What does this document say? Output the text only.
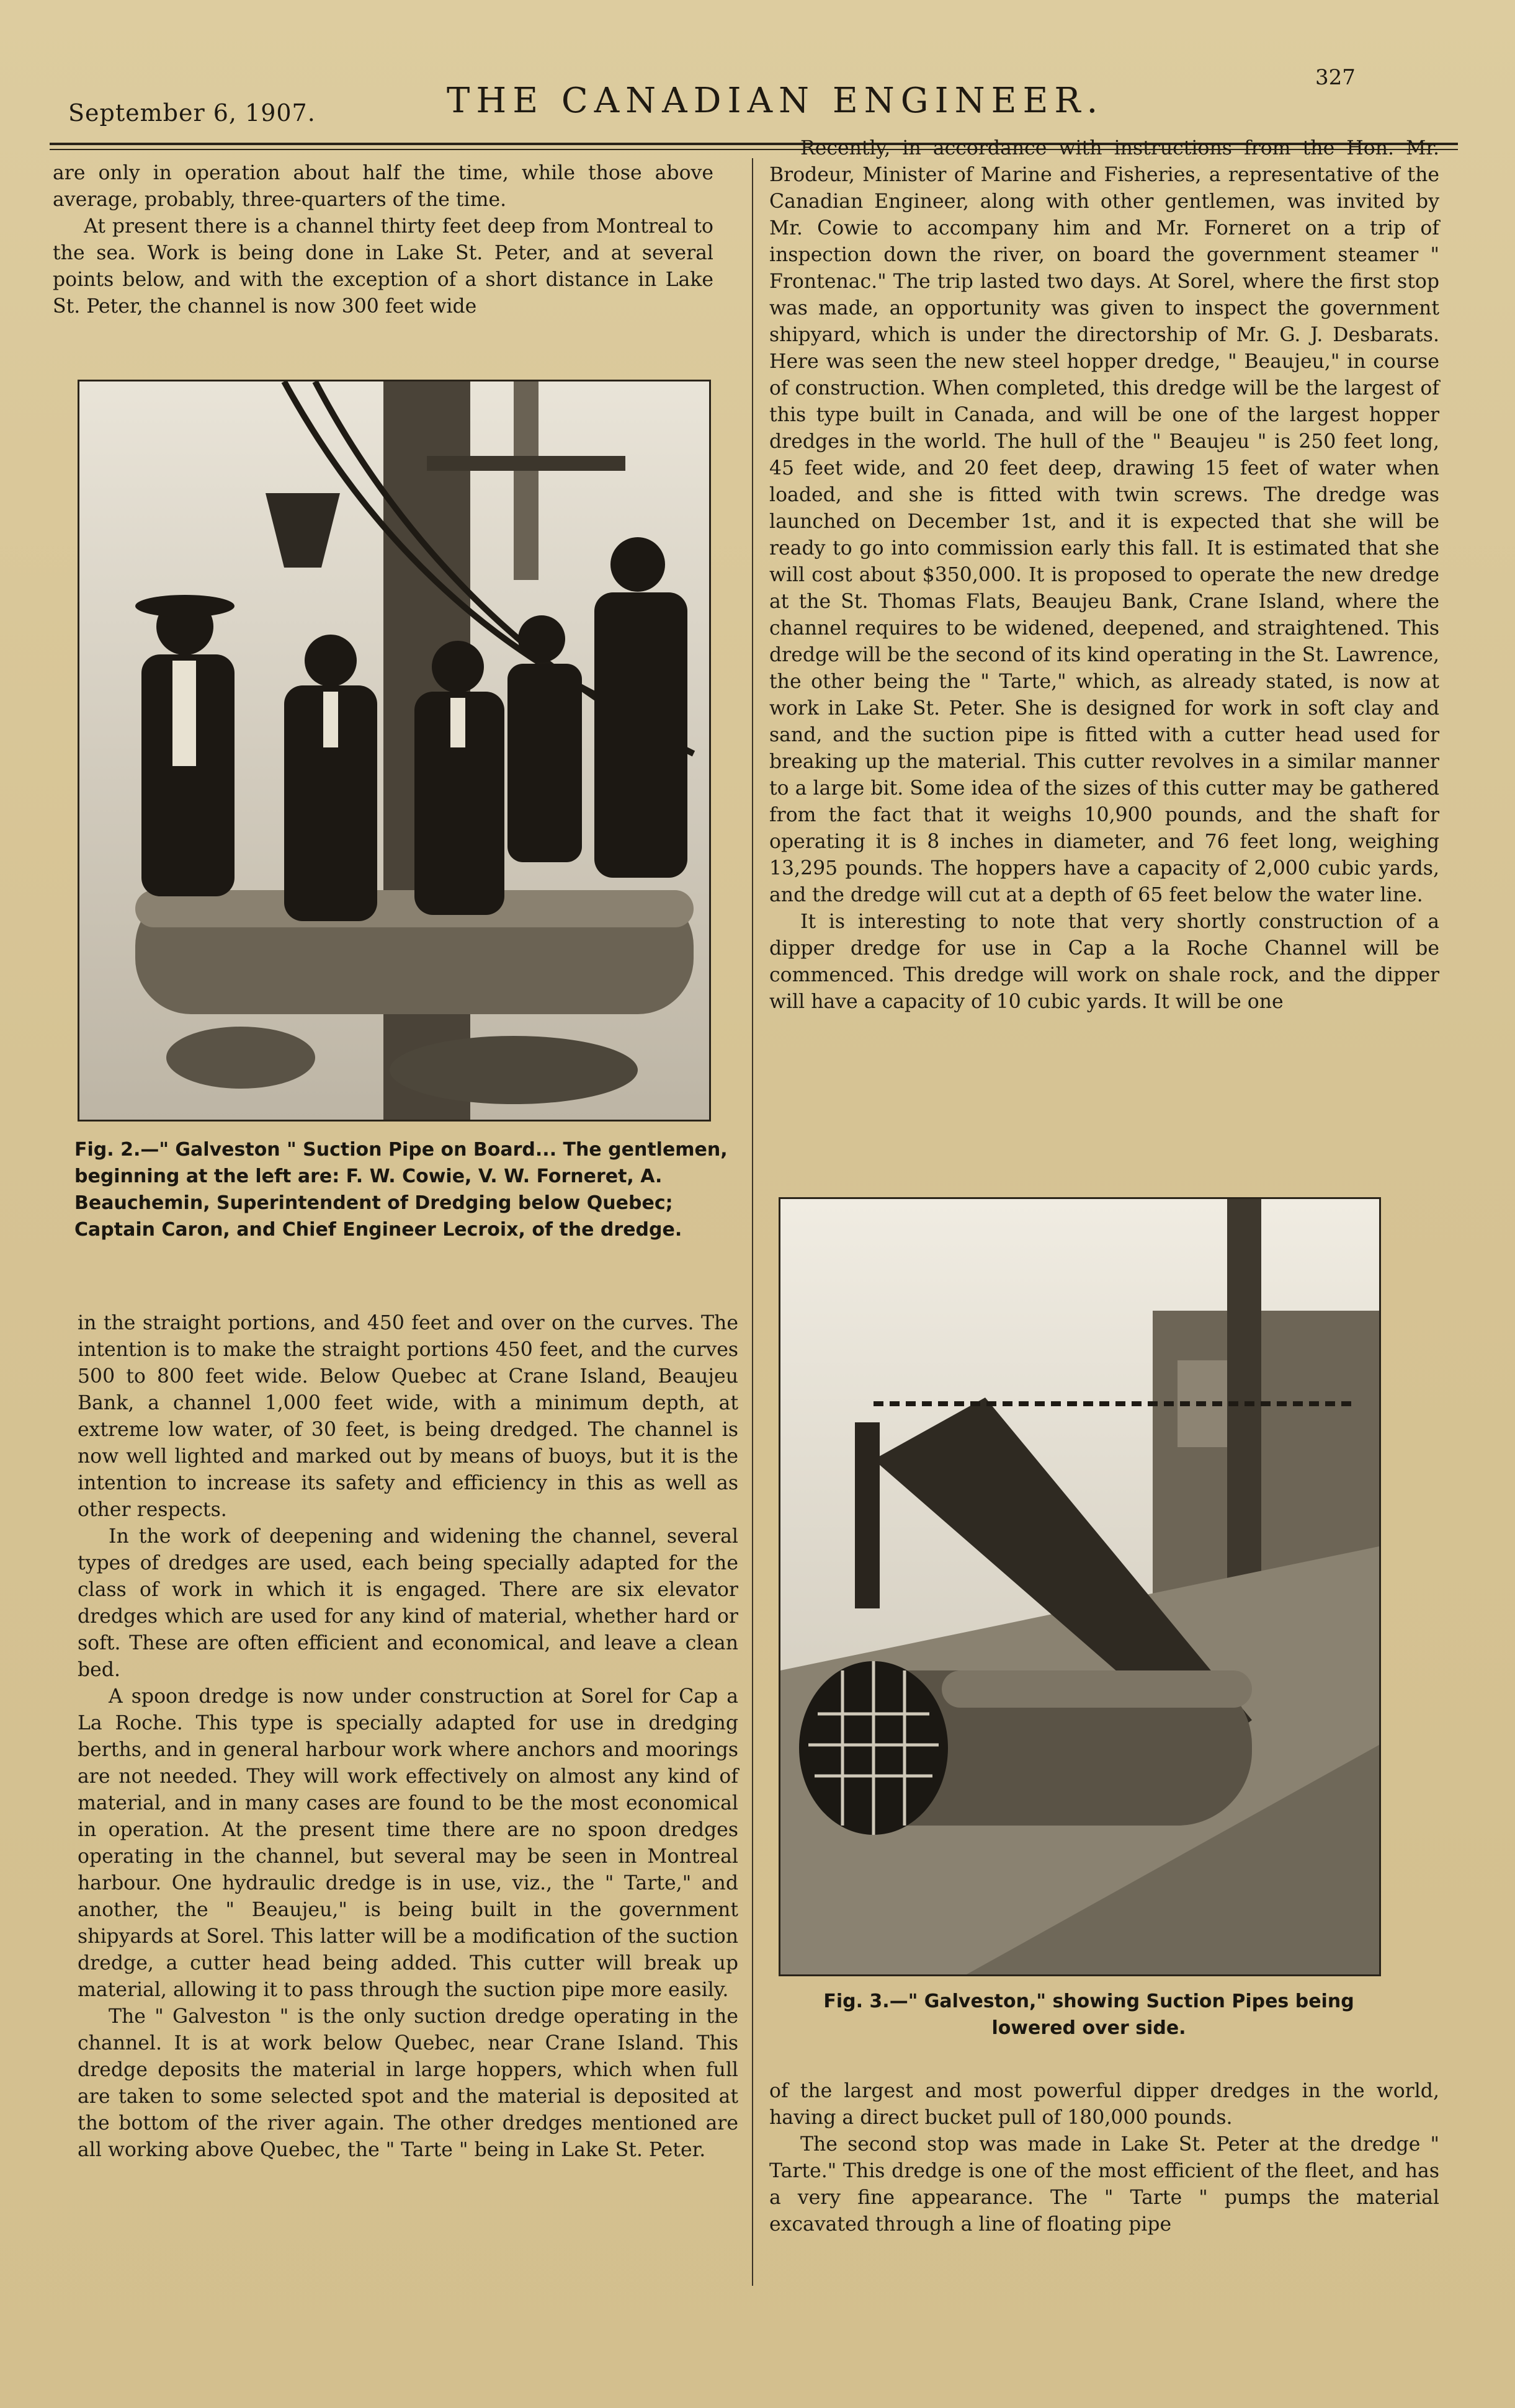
September 6, 1907.	THE CANADIAN ENGINEER.
327

are only in operation about half the time, while those above average, probably, three-quarters of the time.

At present there is a channel thirty feet deep from Montreal to the sea. Work is being done in Lake St. Peter, and at several points below, and with the exception of a short distance in Lake St. Peter, the channel is now 300 feet wide

Fig. 2.—" Galveston " Suction Pipe on Board... The gentlemen, beginning at the left are: F. W. Cowie, V. W. Forneret, A. Beauchemin, Superintendent of Dredging below Quebec; Captain Caron, and Chief Engineer Lecroix, of the dredge.

in the straight portions, and 450 feet and over on the curves. The intention is to make the straight portions 450 feet, and the curves 500 to 800 feet wide. Below Quebec at Crane Island, Beaujeu Bank, a channel 1,000 feet wide, with a minimum depth, at extreme low water, of 30 feet, is being dredged. The channel is now well lighted and marked out by means of buoys, but it is the intention to increase its safety and efficiency in this as well as other respects.

In the work of deepening and widening the channel, several types of dredges are used, each being specially adapted for the class of work in which it is engaged. There are six elevator dredges which are used for any kind of material, whether hard or soft. These are often efficient and economical, and leave a clean bed.

A spoon dredge is now under construction at Sorel for Cap a La Roche. This type is specially adapted for use in dredging berths, and in general harbour work where anchors and moorings are not needed. They will work effectively on almost any kind of material, and in many cases are found to be the most economical in operation. At the present time there are no spoon dredges operating in the channel, but several may be seen in Montreal harbour. One hydraulic dredge is in use, viz., the " Tarte," and another, the " Beaujeu," is being built in the government shipyards at Sorel. This latter will be a modification of the suction dredge, a cutter head being added. This cutter will break up material, allowing it to pass through the suction pipe more easily.

The " Galveston " is the only suction dredge operating in the channel. It is at work below Quebec, near Crane Island. This dredge deposits the material in large hoppers, which when full are taken to some selected spot and the material is deposited at the bottom of the river again. The other dredges mentioned are all working above Quebec, the " Tarte " being in Lake St. Peter.

Recently, in accordance with instructions from the Hon. Mr. Brodeur, Minister of Marine and Fisheries, a representative of the Canadian Engineer, along with other gentlemen, was invited by Mr. Cowie to accompany him and Mr. Forneret on a trip of inspection down the river, on board the government steamer " Frontenac." The trip lasted two days. At Sorel, where the first stop was made, an opportunity was given to inspect the government shipyard, which is under the directorship of Mr. G. J. Desbarats. Here was seen the new steel hopper dredge, " Beaujeu," in course of construction. When completed, this dredge will be the largest of this type built in Canada, and will be one of the largest hopper dredges in the world. The hull of the " Beaujeu " is 250 feet long, 45 feet wide, and 20 feet deep, drawing 15 feet of water when loaded, and she is fitted with twin screws. The dredge was launched on December 1st, and it is expected that she will be ready to go into commission early this fall. It is estimated that she will cost about $350,000. It is proposed to operate the new dredge at the St. Thomas Flats, Beaujeu Bank, Crane Island, where the channel requires to be widened, deepened, and straightened. This dredge will be the second of its kind operating in the St. Lawrence, the other being the " Tarte," which, as already stated, is now at work in Lake St. Peter. She is designed for work in soft clay and sand, and the suction pipe is fitted with a cutter head used for breaking up the material. This cutter revolves in a similar manner to a large bit. Some idea of the sizes of this cutter may be gathered from the fact that it weighs 10,900 pounds, and the shaft for operating it is 8 inches in diameter, and 76 feet long, weighing 13,295 pounds. The hoppers have a capacity of 2,000 cubic yards, and the dredge will cut at a depth of 65 feet below the water line.

It is interesting to note that very shortly construction of a dipper dredge for use in Cap a la Roche Channel will be commenced. This dredge will work on shale rock, and the dipper will have a capacity of 10 cubic yards. It will be one

Fig. 3.—" Galveston," showing Suction Pipes being lowered over side.

of the largest and most powerful dipper dredges in the world, having a direct bucket pull of 180,000 pounds.

The second stop was made in Lake St. Peter at the dredge " Tarte." This dredge is one of the most efficient of the fleet, and has a very fine appearance. The " Tarte " pumps the material excavated through a line of floating pipe
